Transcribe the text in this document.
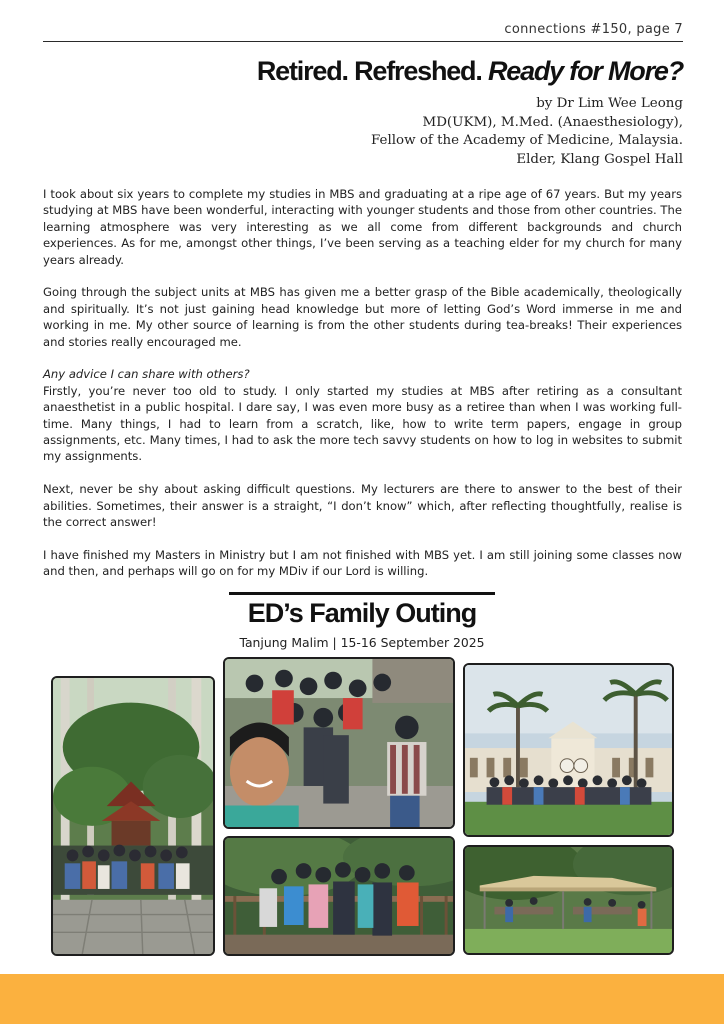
connections #150, page 7
Retired. Refreshed. Ready for More?
by Dr Lim Wee Leong
MD(UKM), M.Med. (Anaesthesiology),
Fellow of the Academy of Medicine, Malaysia.
Elder, Klang Gospel Hall

I took about six years to complete my studies in MBS and graduating at a ripe age of 67 years. But my years studying at MBS have been wonderful, interacting with younger students and those from other countries. The learning atmosphere was very interesting as we all come from different backgrounds and church experiences. As for me, amongst other things, I’ve been serving as a teaching elder for my church for many years already.

Going through the subject units at MBS has given me a better grasp of the Bible academically, theologically and spiritually. It’s not just gaining head knowledge but more of letting God’s Word immerse in me and working in me. My other source of learning is from the other students during tea-breaks! Their experiences and stories really encouraged me.

Any advice I can share with others?

Firstly, you’re never too old to study. I only started my studies at MBS after retiring as a consultant anaesthetist in a public hospital. I dare say, I was even more busy as a retiree than when I was working full-time. Many things, I had to learn from a scratch, like, how to write term papers, engage in group assignments, etc. Many times, I had to ask the more tech savvy students on how to log in websites to submit my assignments.

Next, never be shy about asking difficult questions. My lecturers are there to answer to the best of their abilities. Sometimes, their answer is a straight, “I don’t know” which, after reflecting thoughtfully, realise is the correct answer!

I have finished my Masters in Ministry but I am not finished with MBS yet. I am still joining some classes now and then, and perhaps will go on for my MDiv if our Lord is willing.

ED’s Family Outing
Tanjung Malim | 15-16 September 2025
